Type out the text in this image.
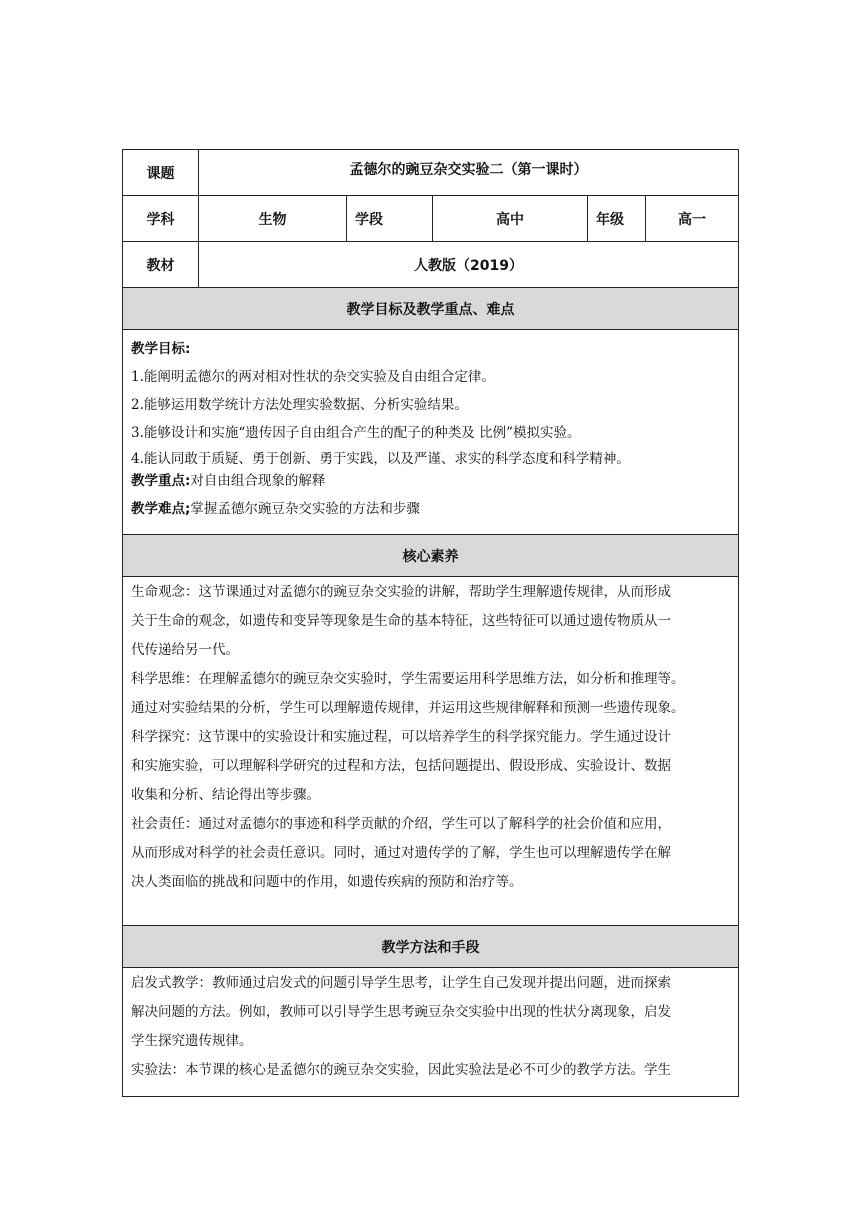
课题	孟德尔的豌豆杂交实验二（第一课时）
学科	生物	学段	高中	年级	高一
教材	人教版（2019）
教学目标及教学重点、难点
教学目标:
1.能阐明孟德尔的两对相对性状的杂交实验及自由组合定律。
2.能够运用数学统计方法处理实验数据、分析实验结果。
3.能够设计和实施“遗传因子自由组合产生的配子的种类及 比例”模拟实验。
4.能认同敢于质疑、勇于创新、勇于实践，以及严谨、求实的科学态度和科学精神。
教学重点:对自由组合现象的解释
教学难点;掌握孟德尔豌豆杂交实验的方法和步骤
核心素养
生命观念：这节课通过对孟德尔的豌豆杂交实验的讲解，帮助学生理解遗传规律，从而形成
关于生命的观念，如遗传和变异等现象是生命的基本特征，这些特征可以通过遗传物质从一
代传递给另一代。
科学思维：在理解孟德尔的豌豆杂交实验时，学生需要运用科学思维方法，如分析和推理等。
通过对实验结果的分析，学生可以理解遗传规律，并运用这些规律解释和预测一些遗传现象。
科学探究：这节课中的实验设计和实施过程，可以培养学生的科学探究能力。学生通过设计
和实施实验，可以理解科学研究的过程和方法，包括问题提出、假设形成、实验设计、数据
收集和分析、结论得出等步骤。
社会责任：通过对孟德尔的事迹和科学贡献的介绍，学生可以了解科学的社会价值和应用，
从而形成对科学的社会责任意识。同时，通过对遗传学的了解，学生也可以理解遗传学在解
决人类面临的挑战和问题中的作用，如遗传疾病的预防和治疗等。
教学方法和手段
启发式教学：教师通过启发式的问题引导学生思考，让学生自己发现并提出问题，进而探索
解决问题的方法。例如，教师可以引导学生思考豌豆杂交实验中出现的性状分离现象，启发
学生探究遗传规律。
实验法：本节课的核心是孟德尔的豌豆杂交实验，因此实验法是必不可少的教学方法。学生
